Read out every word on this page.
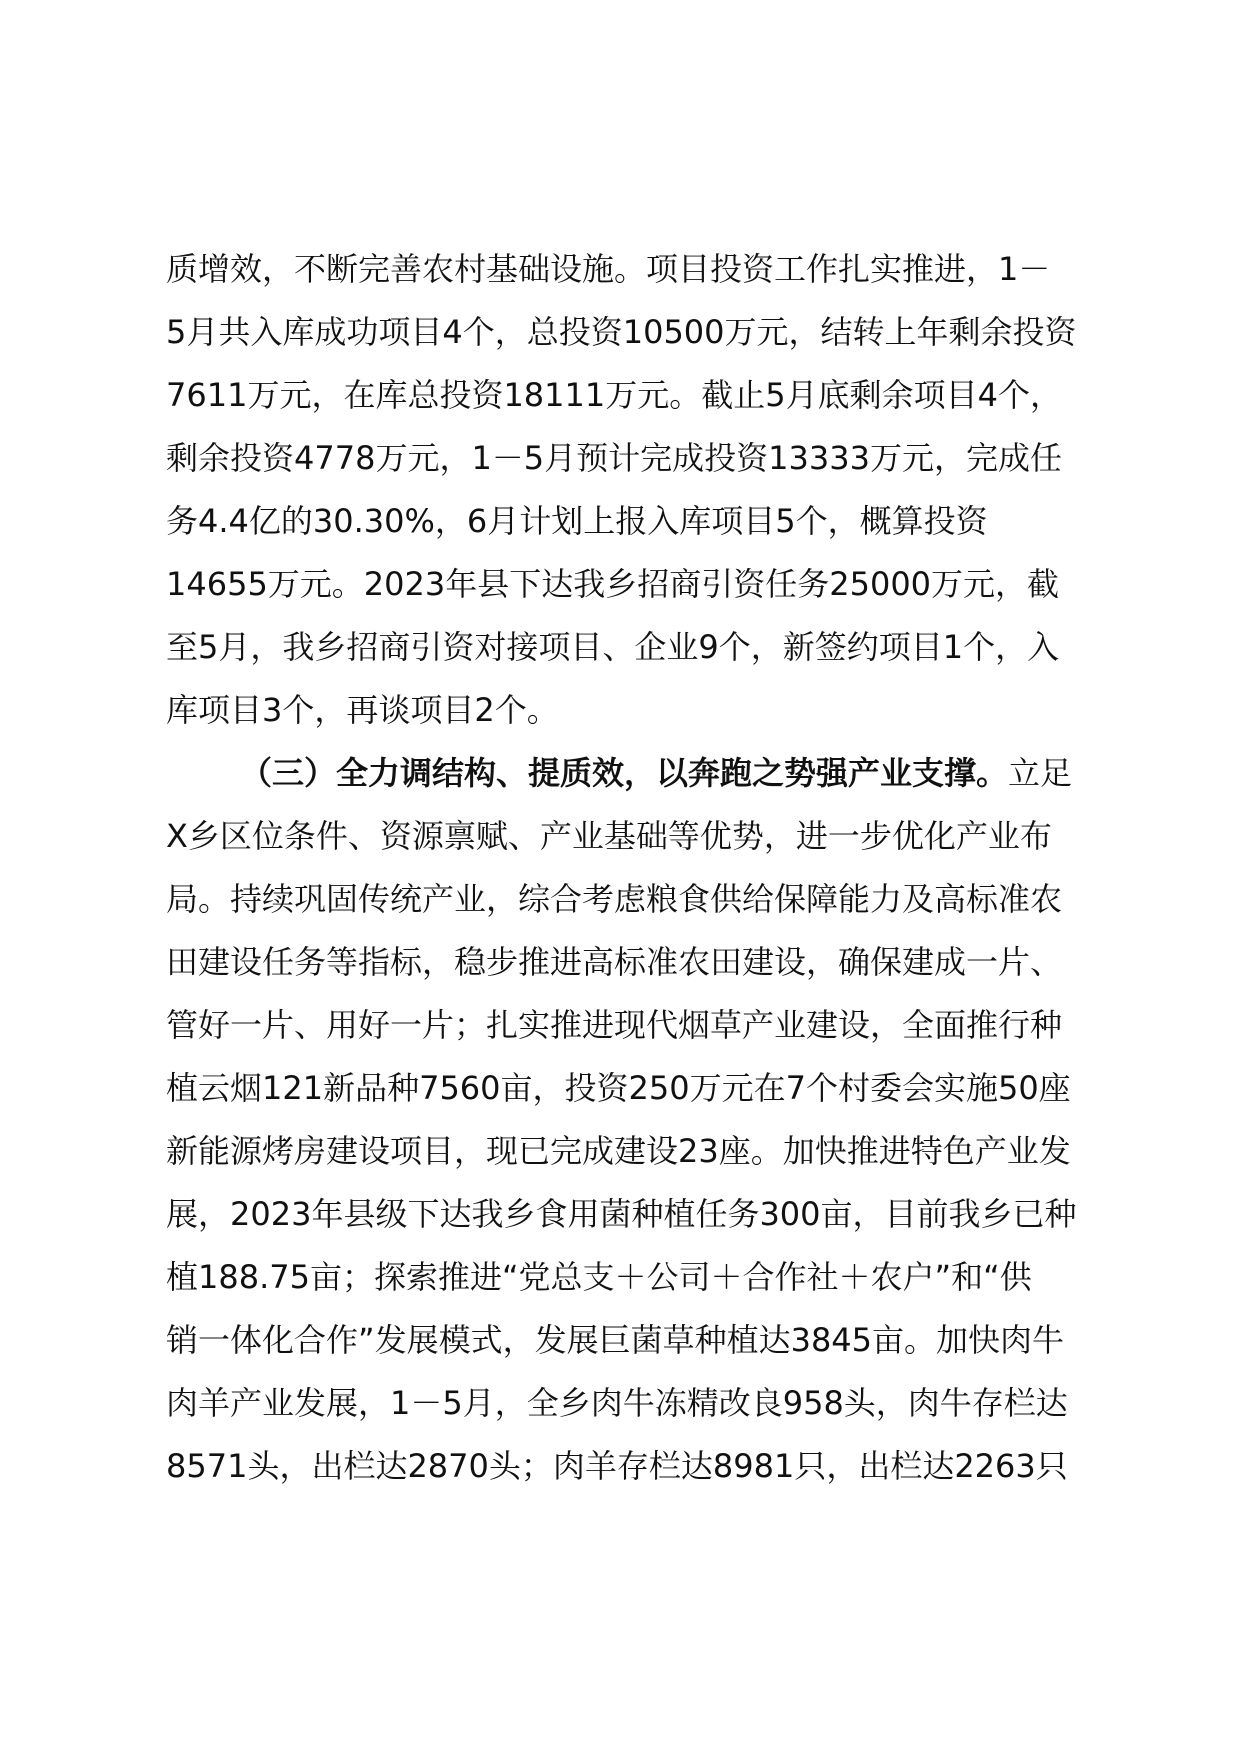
质增效，不断完善农村基础设施。项目投资工作扎实推进，1－
5月共入库成功项目4个，总投资10500万元，结转上年剩余投资
7611万元，在库总投资18111万元。截止5月底剩余项目4个，
剩余投资4778万元，1－5月预计完成投资13333万元，完成任
务4.4亿的30.30%，6月计划上报入库项目5个，概算投资
14655万元。2023年县下达我乡招商引资任务25000万元，截
至5月，我乡招商引资对接项目、企业9个，新签约项目1个，入
库项目3个，再谈项目2个。
（三）全力调结构、提质效，以奔跑之势强产业支撑。立足
X乡区位条件、资源禀赋、产业基础等优势，进一步优化产业布
局。持续巩固传统产业，综合考虑粮食供给保障能力及高标准农
田建设任务等指标，稳步推进高标准农田建设，确保建成一片、
管好一片、用好一片；扎实推进现代烟草产业建设，全面推行种
植云烟121新品种7560亩，投资250万元在7个村委会实施50座
新能源烤房建设项目，现已完成建设23座。加快推进特色产业发
展，2023年县级下达我乡食用菌种植任务300亩，目前我乡已种
植188.75亩；探索推进“党总支＋公司＋合作社＋农户”和“供
销一体化合作”发展模式，发展巨菌草种植达3845亩。加快肉牛
肉羊产业发展，1－5月，全乡肉牛冻精改良958头，肉牛存栏达
8571头，出栏达2870头；肉羊存栏达8981只，出栏达2263只
